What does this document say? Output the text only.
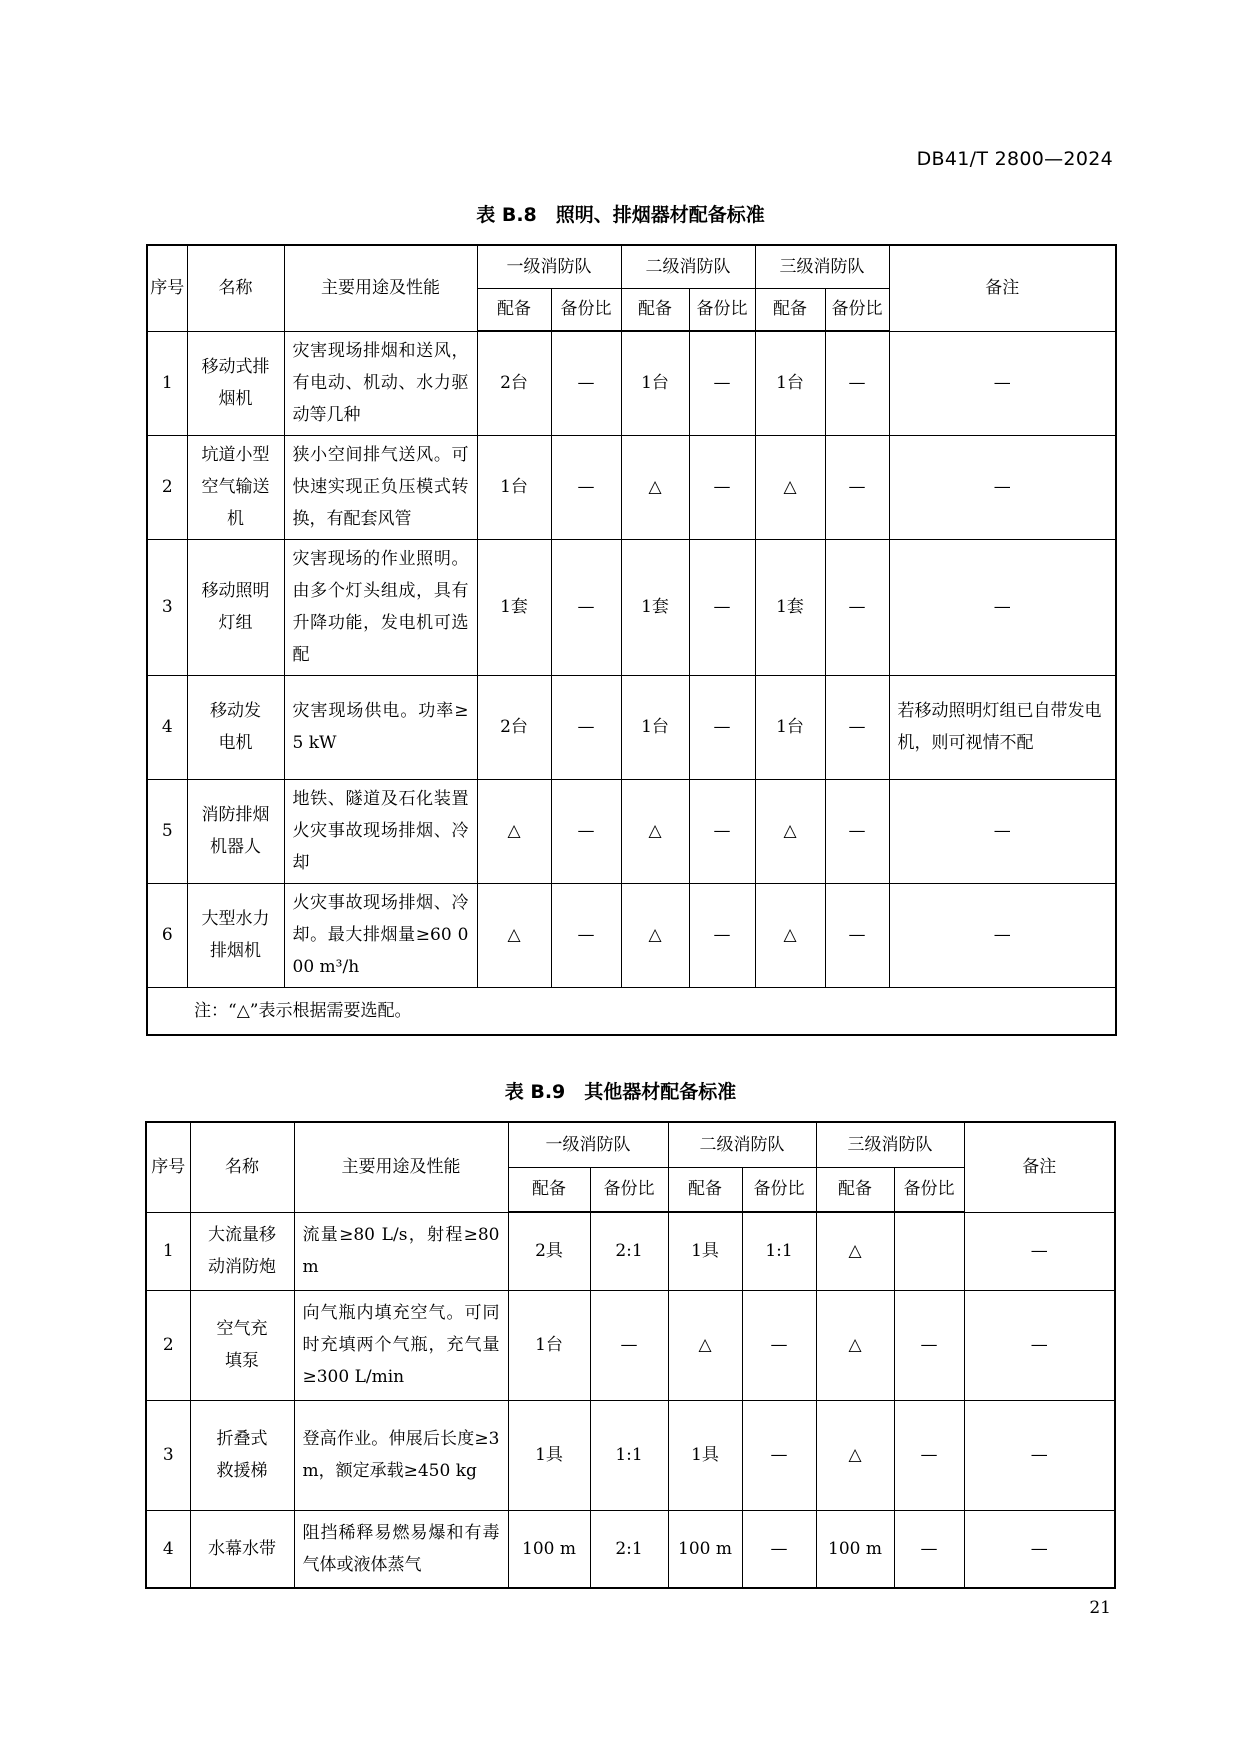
DB41/T 2800—2024
表 B.8　照明、排烟器材配备标准
序号	名称	主要用途及性能	一级消防队		二级消防队		三级消防队		备注
			配备	备份比	配备	备份比	配备	备份比	
1	移动式排烟机	灾害现场排烟和送风，有电动、机动、水力驱动等几种	2台	—	1台	—	1台	—	—
2	坑道小型空气输送机	狭小空间排气送风。可快速实现正负压模式转换，有配套风管	1台	—	△	—	△	—	—
3	移动照明灯组	灾害现场的作业照明。由多个灯头组成，具有升降功能，发电机可选配	1套	—	1套	—	1套	—	—
4	移动发电机	灾害现场供电。功率≥5 kW	2台	—	1台	—	1台	—	若移动照明灯组已自带发电机，则可视情不配
5	消防排烟机器人	地铁、隧道及石化装置火灾事故现场排烟、冷却	△	—	△	—	△	—	—
6	大型水力排烟机	火灾事故现场排烟、冷却。最大排烟量≥60 000 m³/h	△	—	△	—	△	—	—
注：“△”表示根据需要选配。									
表 B.9　其他器材配备标准
序号	名称	主要用途及性能	一级消防队		二级消防队		三级消防队		备注
			配备	备份比	配备	备份比	配备	备份比	
1	大流量移动消防炮	流量≥80 L/s，射程≥80 m	2具	2:1	1具	1:1	△		—
2	空气充填泵	向气瓶内填充空气。可同时充填两个气瓶，充气量≥300 L/min	1台	—	△	—	△	—	—
3	折叠式救援梯	登高作业。伸展后长度≥3 m，额定承载≥450 kg	1具	1:1	1具	—	△	—	—
4	水幕水带	阻挡稀释易燃易爆和有毒气体或液体蒸气	100 m	2:1	100 m	—	100 m	—	—
21
